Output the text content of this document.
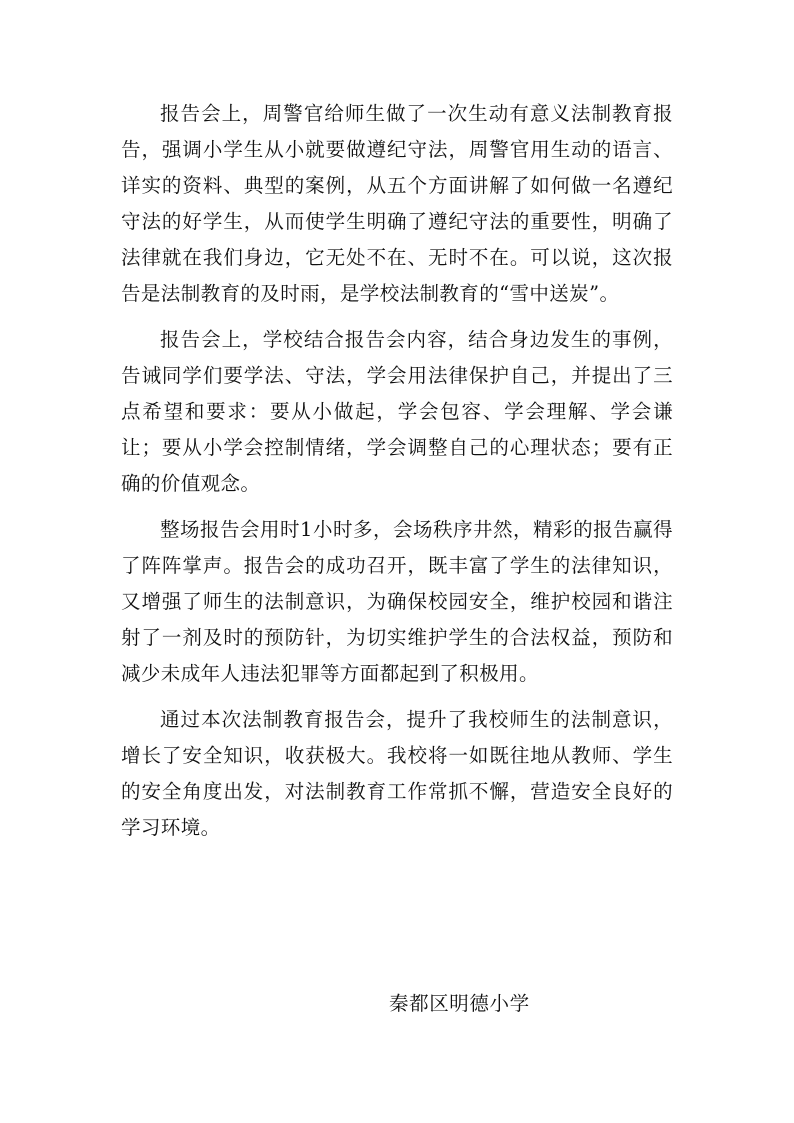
报告会上，周警官给师生做了一次生动有意义法制教育报告，强调小学生从小就要做遵纪守法，周警官用生动的语言、详实的资料、典型的案例，从五个方面讲解了如何做一名遵纪守法的好学生，从而使学生明确了遵纪守法的重要性，明确了法律就在我们身边，它无处不在、无时不在。可以说，这次报告是法制教育的及时雨，是学校法制教育的“雪中送炭”。

报告会上，学校结合报告会内容，结合身边发生的事例，告诫同学们要学法、守法，学会用法律保护自己，并提出了三点希望和要求：要从小做起，学会包容、学会理解、学会谦让；要从小学会控制情绪，学会调整自己的心理状态；要有正确的价值观念。

整场报告会用时1小时多，会场秩序井然，精彩的报告赢得了阵阵掌声。报告会的成功召开，既丰富了学生的法律知识，又增强了师生的法制意识，为确保校园安全，维护校园和谐注射了一剂及时的预防针，为切实维护学生的合法权益，预防和减少未成年人违法犯罪等方面都起到了积极用。

通过本次法制教育报告会，提升了我校师生的法制意识，增长了安全知识，收获极大。我校将一如既往地从教师、学生的安全角度出发，对法制教育工作常抓不懈，营造安全良好的学习环境。

秦都区明德小学
